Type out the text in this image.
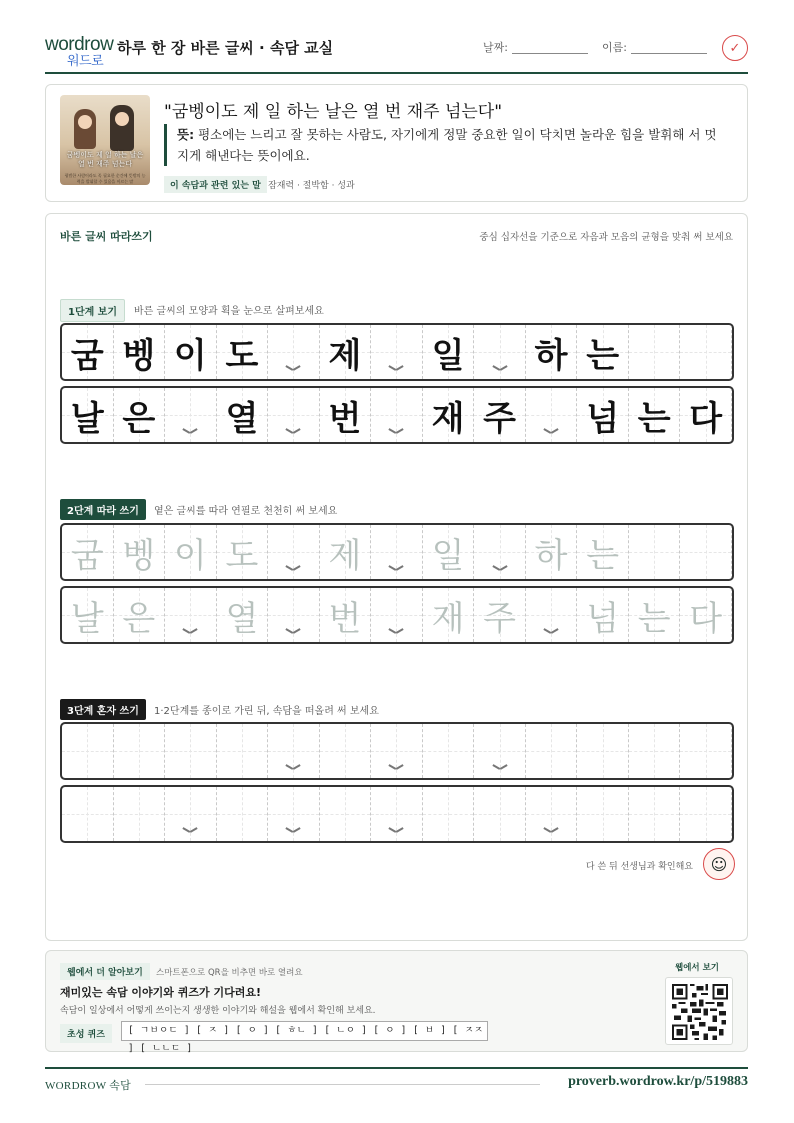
wordrow
워드로
하루 한 장 바른 글씨 · 속담 교실	날짜:	이름:	✓
굼벵이도 제 일 하는 날은 열 번 재주 넘는다
평범한 사람이라도 꼭 필요한 순간에 뜻밖의 능력을 발휘할 수 있음을 이르는 말
"굼벵이도 제 일 하는 날은 열 번 재주 넘는다"
뜻: 평소에는 느리고 잘 못하는 사람도, 자기에게 정말 중요한 일이 닥치면 놀라운 힘을 발휘해 서 멋지게 해낸다는 뜻이에요.
이 속담과 관련 있는 말 잠재력 · 절박함 · 성과
바른 글씨 따라쓰기	중심 십자선을 기준으로 자음과 모음의 균형을 맞춰 써 보세요
1단계 보기	바른 글씨의 모양과 획을 눈으로 살펴보세요
굼 벵 이 도 제 일 하 는
날 은 열 번 재 주 넘 는 다
2단계 따라 쓰기	옅은 글씨를 따라 연필로 천천히 써 보세요
굼 벵 이 도 제 일 하 는
날 은 열 번 재 주 넘 는 다
3단계 혼자 쓰기	1·2단계를 종이로 가린 뒤, 속담을 떠올려 써 보세요
다 쓴 뒤 선생님과 확인해요	☺
웹에서 더 알아보기	스마트폰으로 QR을 비추면 바로 열려요
재미있는 속담 이야기와 퀴즈가 기다려요!
속담이 일상에서 어떻게 쓰이는지 생생한 이야기와 해설을 웹에서 확인해 보세요.
초성 퀴즈	[ ㄱㅂㅇㄷ ] [ ㅈ ] [ ㅇ ] [ ㅎㄴ ] [ ㄴㅇ ] [ ㅇ ] [ ㅂ ] [ ㅈㅈ ] [ ㄴㄴㄷ ]
웹에서 보기
WORDROW 속담	proverb.wordrow.kr/p/519883
